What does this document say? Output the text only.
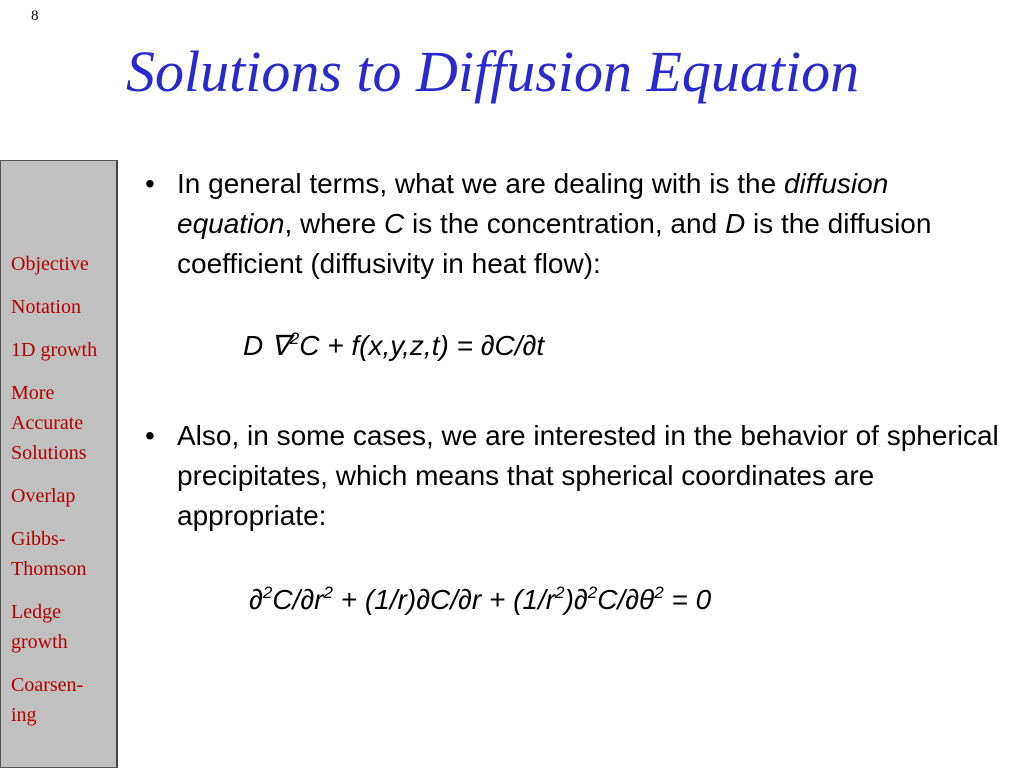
8
Solutions to Diffusion Equation
Objective
Notation
1D growth
More
Accurate
Solutions
Overlap
Gibbs-
Thomson
Ledge
growth
Coarsen-
ing
• In general terms, what we are dealing with is the diffusion equation, where C is the concentration, and D is the diffusion coefficient (diffusivity in heat flow):
D ∇$^2$C + f(x,y,z,t) = ∂C/∂t
• Also, in some cases, we are interested in the behavior of spherical precipitates, which means that spherical coordinates are appropriate:
$\partial^2C/\partial r^2 + (1/r)\partial C/\partial r + (1/r^2)\partial^2C/\partial\theta^2 = 0$
